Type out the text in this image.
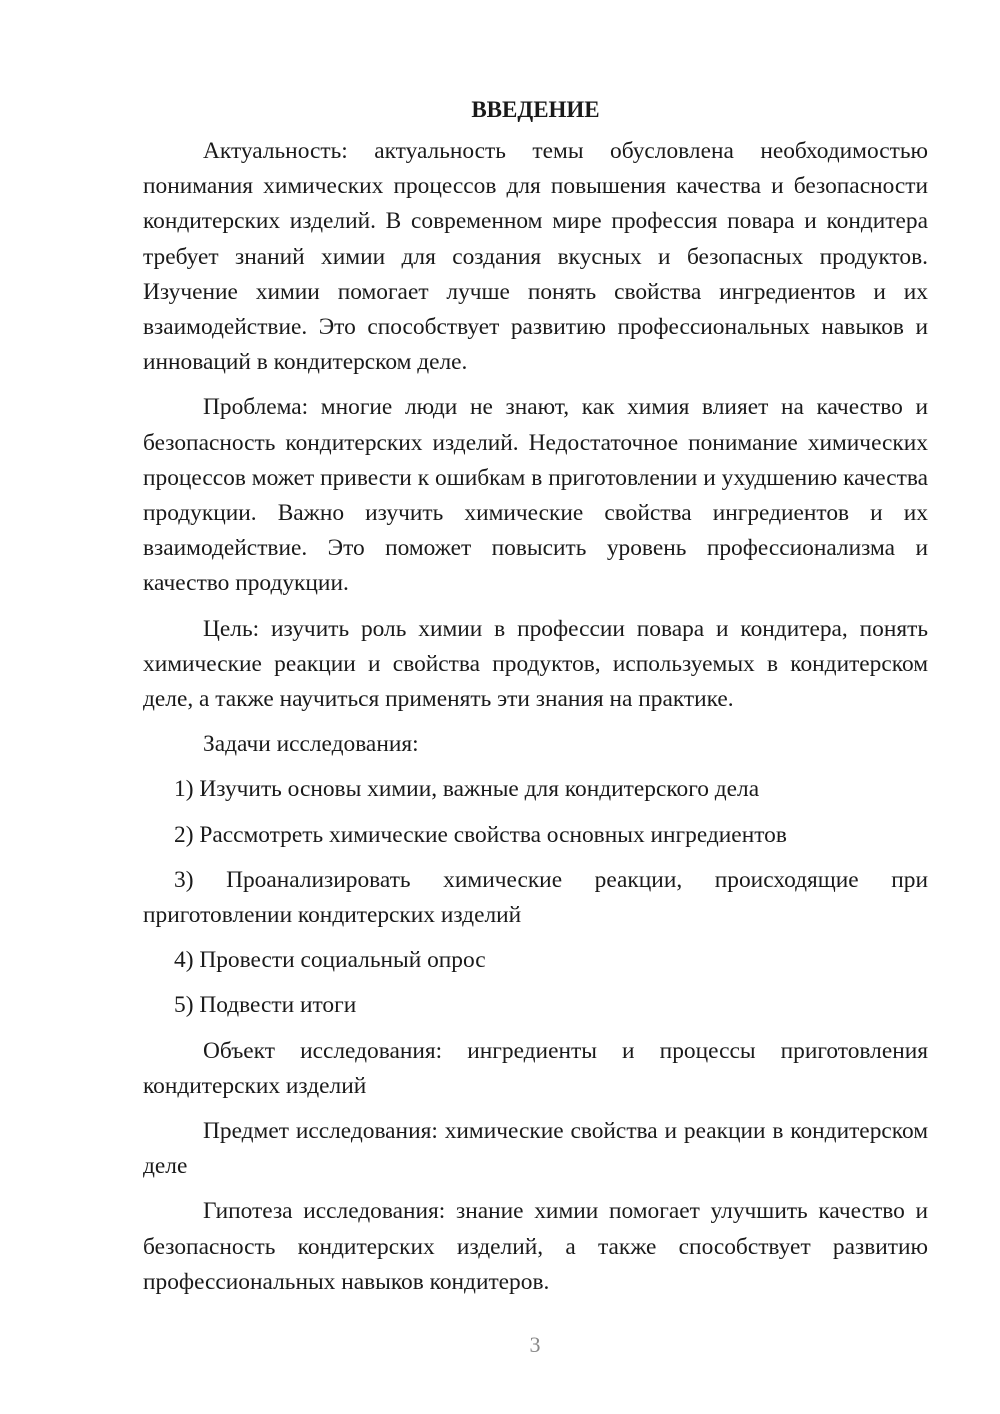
ВВЕДЕНИЕ

Актуальность: актуальность темы обусловлена необходимостью понимания химических процессов для повышения качества и безопасности кондитерских изделий. В современном мире профессия повара и кондитера требует знаний химии для создания вкусных и безопасных продуктов. Изучение химии помогает лучше понять свойства ингредиентов и их взаимодействие. Это способствует развитию профессиональных навыков и инноваций в кондитерском деле.

Проблема: многие люди не знают, как химия влияет на качество и безопасность кондитерских изделий. Недостаточное понимание химических процессов может привести к ошибкам в приготовлении и ухудшению качества продукции. Важно изучить химические свойства ингредиентов и их взаимодействие. Это поможет повысить уровень профессионализма и качество продукции.

Цель: изучить роль химии в профессии повара и кондитера, понять химические реакции и свойства продуктов, используемых в кондитерском деле, а также научиться применять эти знания на практике.

Задачи исследования:

1) Изучить основы химии, важные для кондитерского дела

2) Рассмотреть химические свойства основных ингредиентов

3) Проанализировать химические реакции, происходящие при приготовлении кондитерских изделий

4) Провести социальный опрос

5) Подвести итоги

Объект исследования: ингредиенты и процессы приготовления кондитерских изделий

Предмет исследования: химические свойства и реакции в кондитерском деле

Гипотеза исследования: знание химии помогает улучшить качество и безопасность кондитерских изделий, а также способствует развитию профессиональных навыков кондитеров.

3
